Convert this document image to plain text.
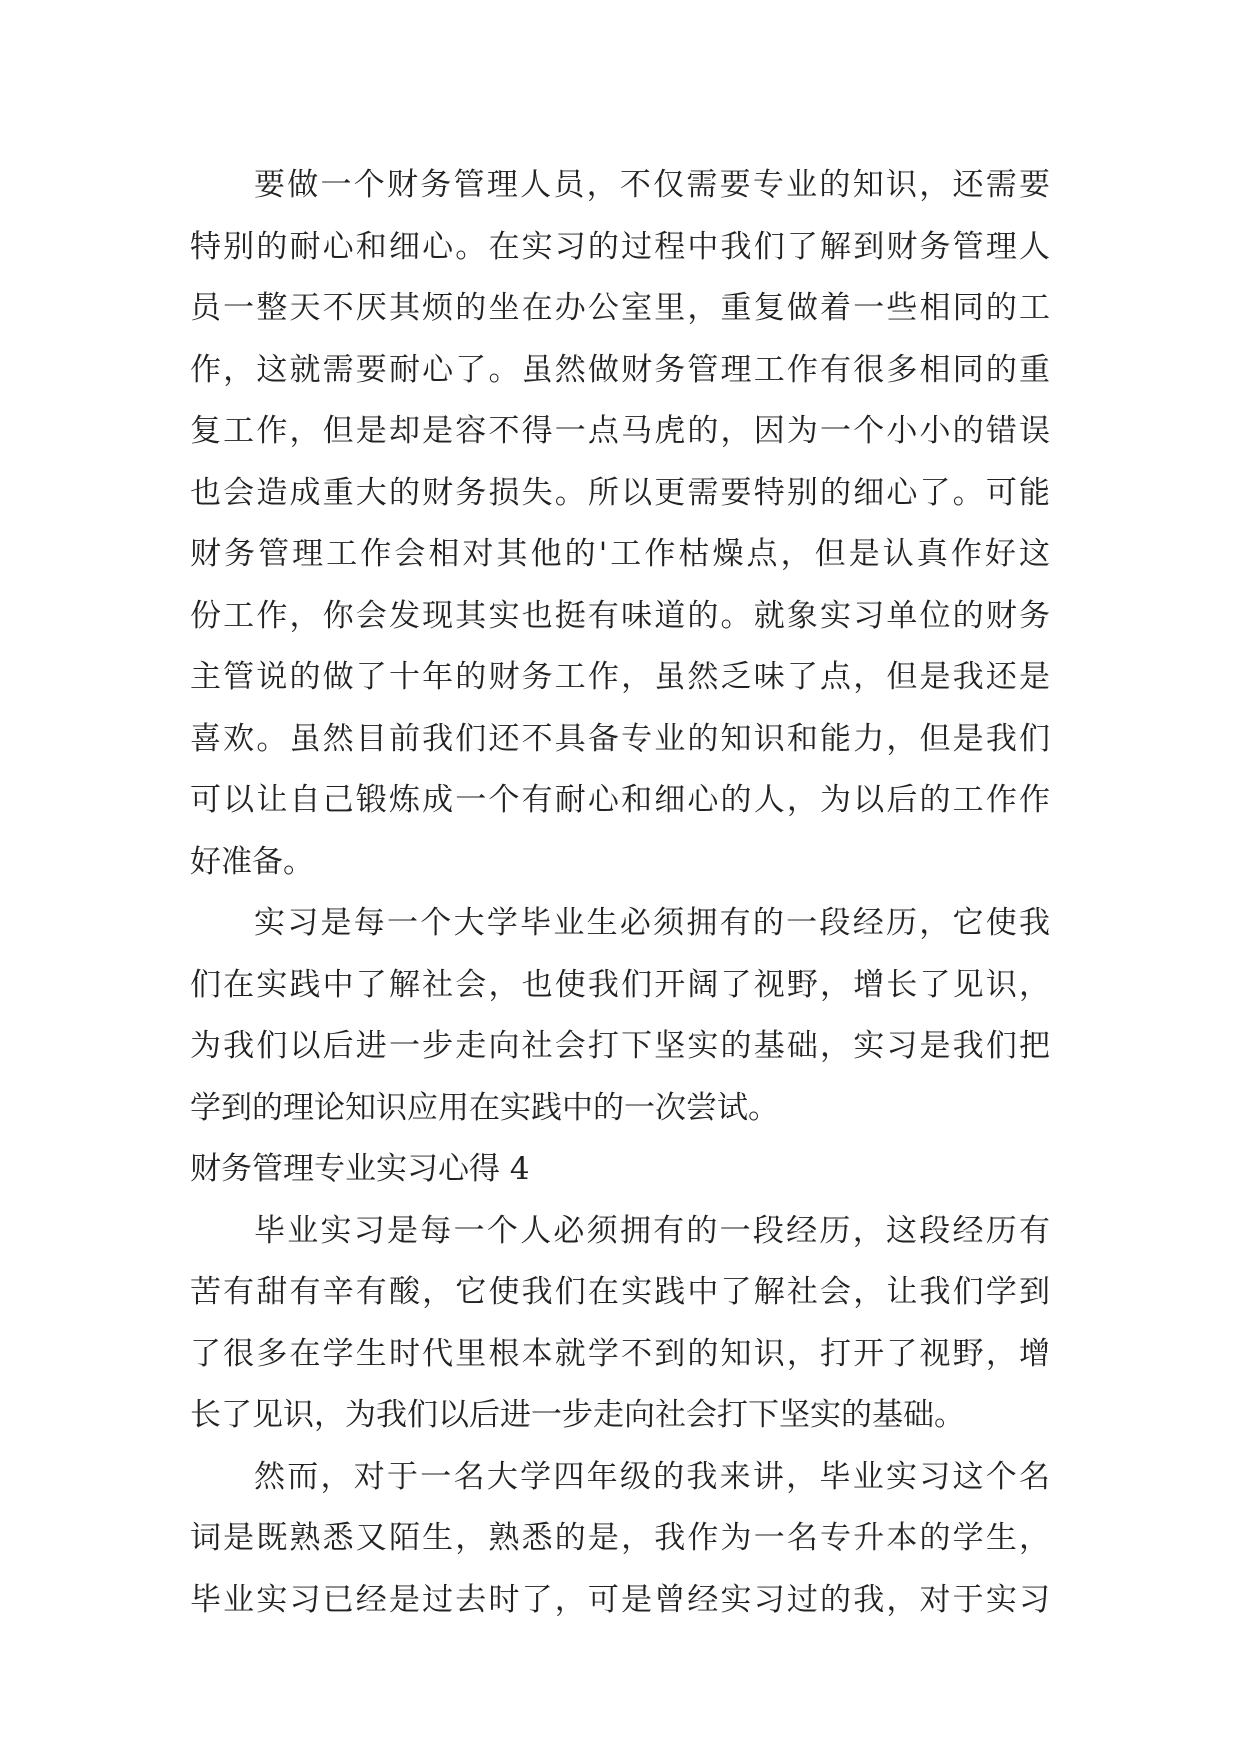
要做一个财务管理人员，不仅需要专业的知识，还需要
特别的耐心和细心。在实习的过程中我们了解到财务管理人
员一整天不厌其烦的坐在办公室里，重复做着一些相同的工
作，这就需要耐心了。虽然做财务管理工作有很多相同的重
复工作，但是却是容不得一点马虎的，因为一个小小的错误
也会造成重大的财务损失。所以更需要特别的细心了。可能
财务管理工作会相对其他的'工作枯燥点，但是认真作好这
份工作，你会发现其实也挺有味道的。就象实习单位的财务
主管说的做了十年的财务工作，虽然乏味了点，但是我还是
喜欢。虽然目前我们还不具备专业的知识和能力，但是我们
可以让自己锻炼成一个有耐心和细心的人，为以后的工作作
好准备。
实习是每一个大学毕业生必须拥有的一段经历，它使我
们在实践中了解社会，也使我们开阔了视野，增长了见识，
为我们以后进一步走向社会打下坚实的基础，实习是我们把
学到的理论知识应用在实践中的一次尝试。
财务管理专业实习心得 4
毕业实习是每一个人必须拥有的一段经历，这段经历有
苦有甜有辛有酸，它使我们在实践中了解社会，让我们学到
了很多在学生时代里根本就学不到的知识，打开了视野，增
长了见识，为我们以后进一步走向社会打下坚实的基础。
然而，对于一名大学四年级的我来讲，毕业实习这个名
词是既熟悉又陌生，熟悉的是，我作为一名专升本的学生，
毕业实习已经是过去时了，可是曾经实习过的我，对于实习
